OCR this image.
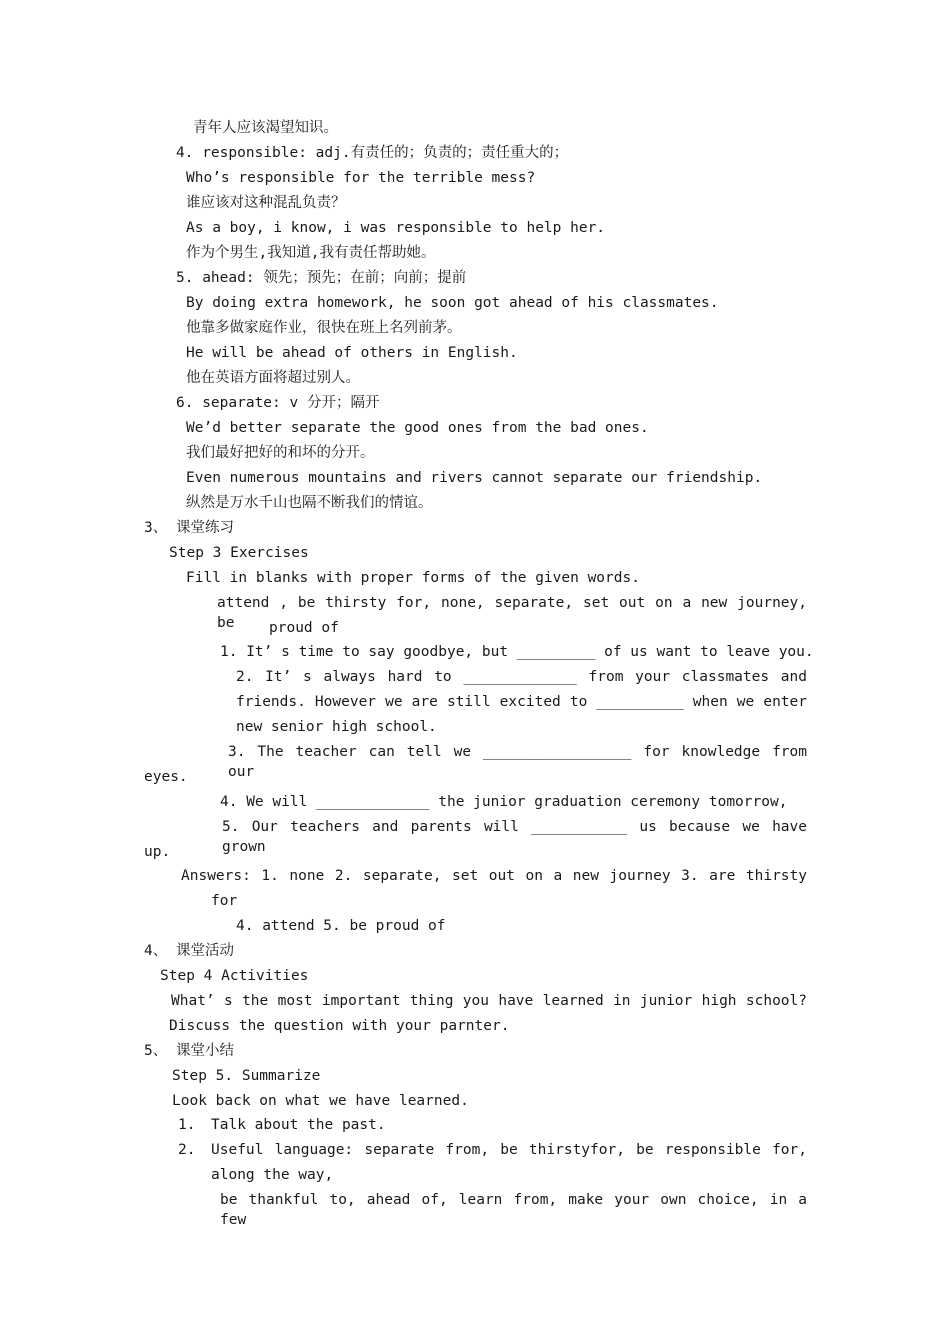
青年人应该渴望知识。
4. responsible: adj.有责任的；负责的；责任重大的；
Who’s responsible for the terrible mess?
谁应该对这种混乱负责？
As a boy, i know, i was responsible to help her.
作为个男生,我知道,我有责任帮助她。
5. ahead: 领先；预先；在前；向前；提前
By doing extra homework, he soon got ahead of his classmates.
他靠多做家庭作业，很快在班上名列前茅。
He will be ahead of others in English.
他在英语方面将超过别人。
6. separate: v 分开；隔开
We’d better separate the good ones from the bad ones.
我们最好把好的和坏的分开。
Even numerous mountains and rivers cannot separate our friendship.
纵然是万水千山也隔不断我们的情谊。
3、 课堂练习
Step 3 Exercises
Fill in blanks with proper forms of the given words.
attend , be thirsty for, none, separate, set out on a new journey, be	proud of
1. It’ s time to say goodbye, but _________ of us want to leave you.
2. It’ s always hard to _____________ from your classmates and
friends. However we are still excited to __________ when we enter
new senior high school.
3. The teacher can tell we _________________ for knowledge from our
eyes.
4. We will _____________ the junior graduation ceremony tomorrow,
5. Our teachers and parents will ___________ us because we have grown
up.
Answers: 1. none 2. separate, set out on a new journey 3. are thirsty
for
4. attend 5. be proud of
4、 课堂活动
Step 4 Activities
What’ s the most important thing you have learned in junior high school?
Discuss the question with your parnter.
5、 课堂小结
Step 5. Summarize
Look back on what we have learned.
1. Talk about the past.
2. Useful language: separate from, be thirstyfor, be responsible for,
along the way,
be thankful to, ahead of, learn from, make your own choice, in a few
